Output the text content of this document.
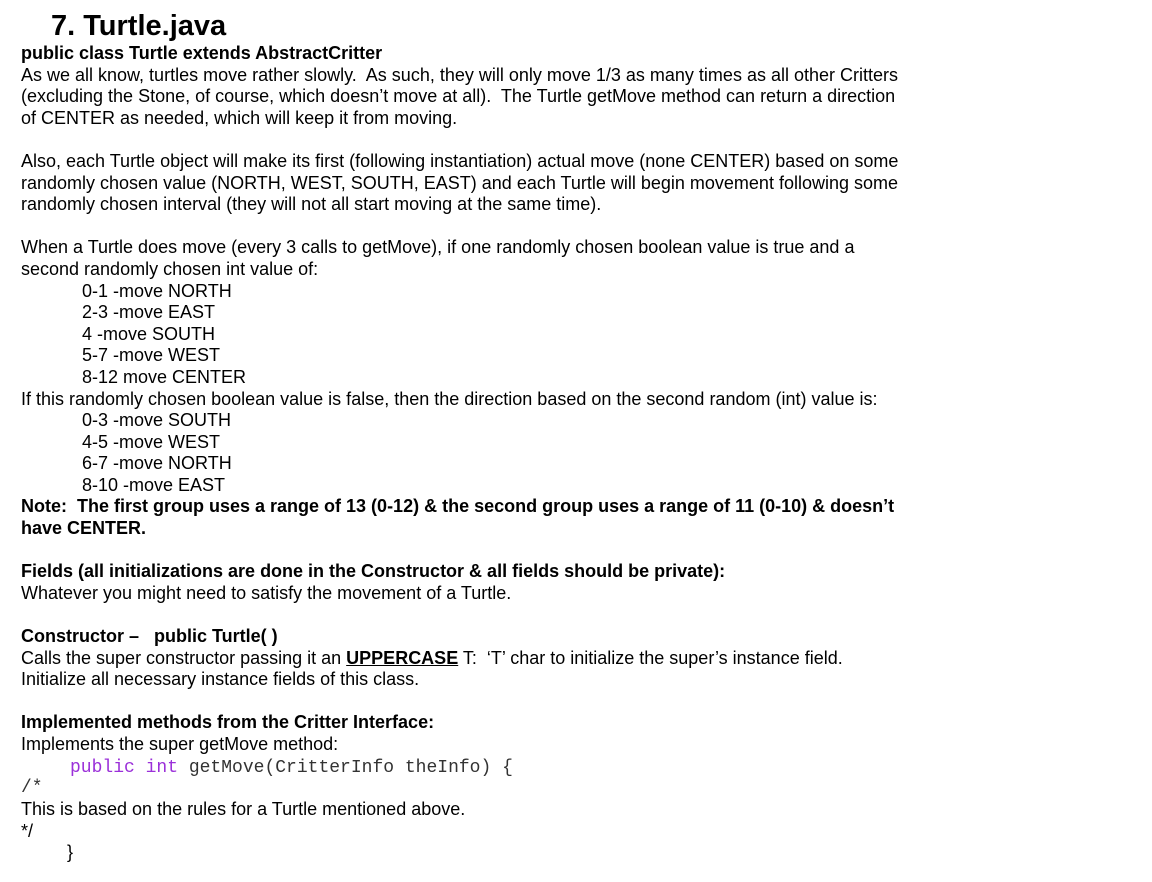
7. Turtle.java
public class Turtle extends AbstractCritter
As we all know, turtles move rather slowly.  As such, they will only move 1/3 as many times as all other Critters
(excluding the Stone, of course, which doesn’t move at all).  The Turtle getMove method can return a direction
of CENTER as needed, which will keep it from moving.
Also, each Turtle object will make its first (following instantiation) actual move (none CENTER) based on some
randomly chosen value (NORTH, WEST, SOUTH, EAST) and each Turtle will begin movement following some
randomly chosen interval (they will not all start moving at the same time).
When a Turtle does move (every 3 calls to getMove), if one randomly chosen boolean value is true and a
second randomly chosen int value of:
0-1 -move NORTH
2-3 -move EAST
4 -move SOUTH
5-7 -move WEST
8-12 move CENTER
If this randomly chosen boolean value is false, then the direction based on the second random (int) value is:
0-3 -move SOUTH
4-5 -move WEST
6-7 -move NORTH
8-10 -move EAST
Note:  The first group uses a range of 13 (0-12) & the second group uses a range of 11 (0-10) & doesn’t
have CENTER.
Fields (all initializations are done in the Constructor & all fields should be private):
Whatever you might need to satisfy the movement of a Turtle.
Constructor –   public Turtle( )
Calls the super constructor passing it an UPPERCASE T:  ‘T’ char to initialize the super’s instance field.
Initialize all necessary instance fields of this class.
Implemented methods from the Critter Interface:
Implements the super getMove method:
public int getMove(CritterInfo theInfo) {
/*
This is based on the rules for a Turtle mentioned above.
*/
}
